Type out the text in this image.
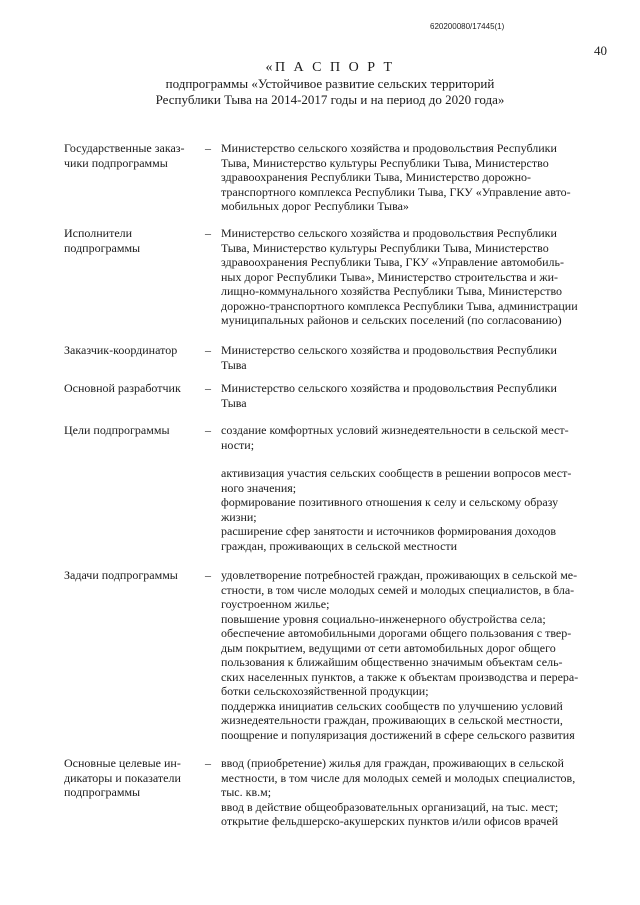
620200080/17445(1)
40
«П А С П О Р Т
подпрограммы «Устойчивое развитие сельских территорий
Республики Тыва на 2014-2017 годы и на период до 2020 года»
Государственные заказ-
чики подпрограммы
– Министерство сельского хозяйства и продовольствия Республики
Тыва, Министерство культуры Республики Тыва, Министерство
здравоохранения Республики Тыва, Министерство дорожно-
транспортного комплекса Республики Тыва, ГКУ «Управление авто-
мобильных дорог Республики Тыва»
Исполнители
подпрограммы
– Министерство сельского хозяйства и продовольствия Республики
Тыва, Министерство культуры Республики Тыва, Министерство
здравоохранения Республики Тыва, ГКУ «Управление автомобиль-
ных дорог Республики Тыва», Министерство строительства и жи-
лищно-коммунального хозяйства Республики Тыва, Министерство
дорожно-транспортного комплекса Республики Тыва, администрации
муниципальных районов и сельских поселений (по согласованию)
Заказчик-координатор	– Министерство сельского хозяйства и продовольствия Республики
Тыва
Основной разработчик	– Министерство сельского хозяйства и продовольствия Республики
Тыва
Цели подпрограммы	– создание комфортных условий жизнедеятельности в сельской мест-
ности;
активизация участия сельских сообществ в решении вопросов мест-
ного значения;
формирование позитивного отношения к селу и сельскому образу
жизни;
расширение сфер занятости и источников формирования доходов
граждан, проживающих в сельской местности
Задачи подпрограммы	– удовлетворение потребностей граждан, проживающих в сельской ме-
стности, в том числе молодых семей и молодых специалистов, в бла-
гоустроенном жилье;
повышение уровня социально-инженерного обустройства села;
обеспечение автомобильными дорогами общего пользования с твер-
дым покрытием, ведущими от сети автомобильных дорог общего
пользования к ближайшим общественно значимым объектам сель-
ских населенных пунктов, а также к объектам производства и перера-
ботки сельскохозяйственной продукции;
поддержка инициатив сельских сообществ по улучшению условий
жизнедеятельности граждан, проживающих в сельской местности,
поощрение и популяризация достижений в сфере сельского развития
Основные целевые ин-
дикаторы и показатели
подпрограммы
– ввод (приобретение) жилья для граждан, проживающих в сельской
местности, в том числе для молодых семей и молодых специалистов,
тыс. кв.м;
ввод в действие общеобразовательных организаций, на тыс. мест;
открытие фельдшерско-акушерских пунктов и/или офисов врачей
